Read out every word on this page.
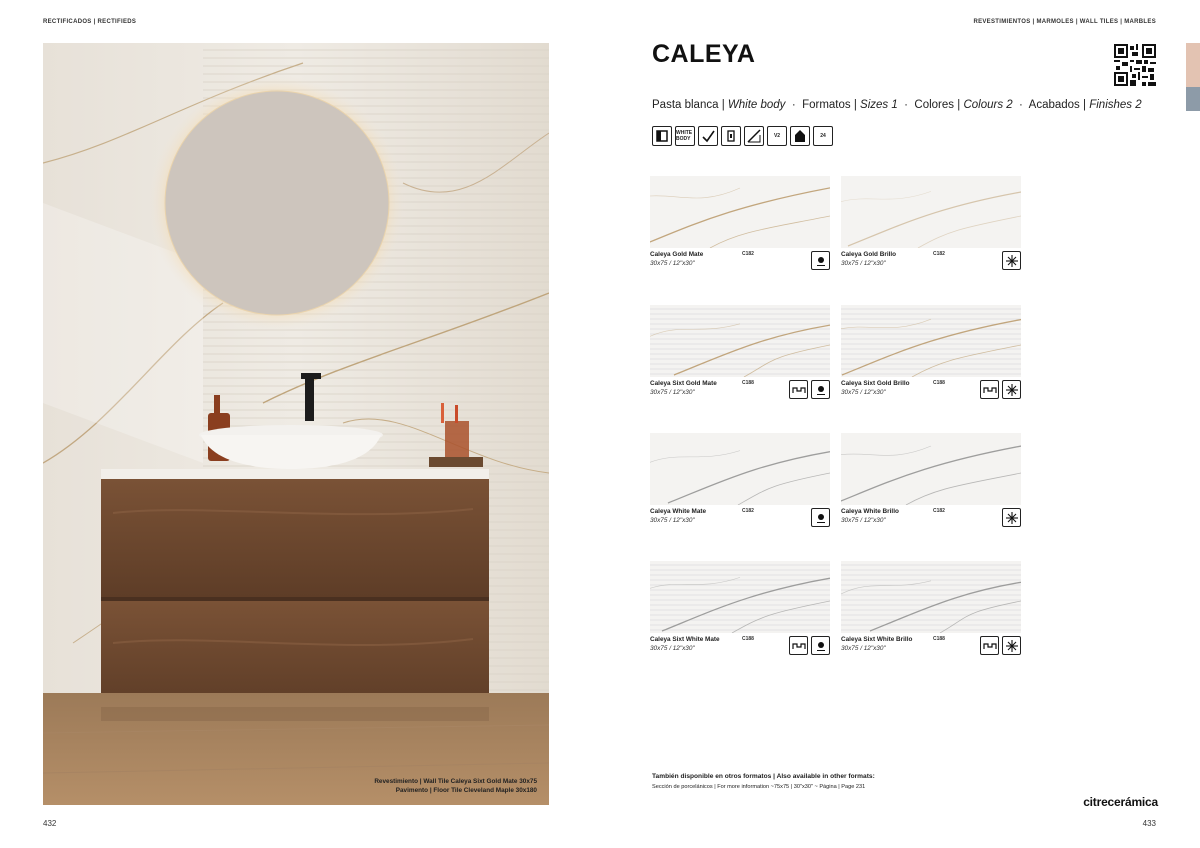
RECTIFICADOS | RECTIFIEDS	REVESTIMIENTOS | MARMOLES | WALL TILES | MARBLES
Revestimiento | Wall Tile Caleya Sixt Gold Mate 30x75
Pavimento | Floor Tile Cleveland Maple 30x180
432	433
CALEYA
Pasta blanca | White body · Formatos | Sizes 1 · Colores | Colours 2 · Acabados | Finishes 2
WHITE BODY	V2	24
Caleya Gold Mate
30x75 / 12"x30"
C182	Caleya Gold Brillo
30x75 / 12"x30"
C182
Caleya Sixt Gold Mate
30x75 / 12"x30"
C188	Caleya Sixt Gold Brillo
30x75 / 12"x30"
C188
Caleya White Mate
30x75 / 12"x30"
C182	Caleya White Brillo
30x75 / 12"x30"
C182
Caleya Sixt White Mate
30x75 / 12"x30"
C188	Caleya Sixt White Brillo
30x75 / 12"x30"
C188
También disponible en otros formatos | Also available in other formats:
Sección de porcelánicos | For more information ~75x75 | 30"x30" ~ Página | Page 231
citrecerámica
